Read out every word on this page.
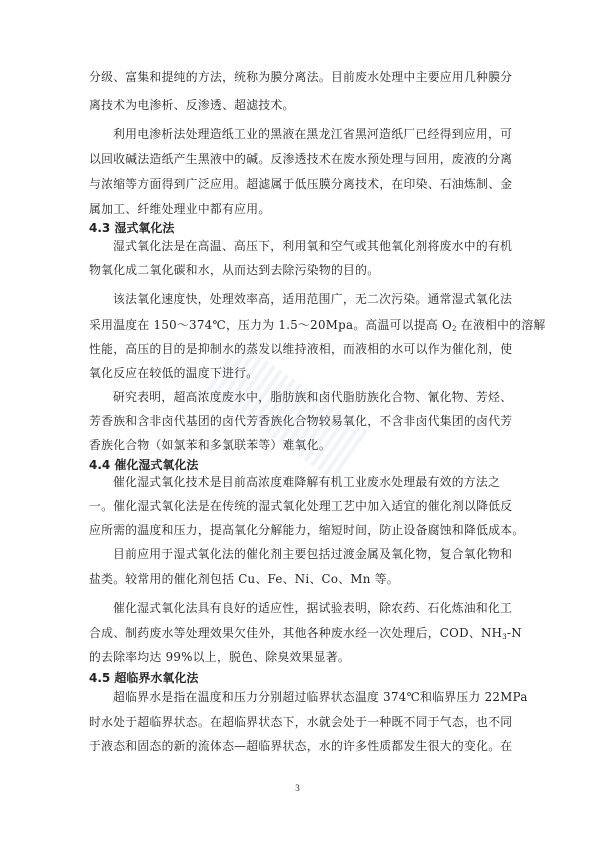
分级、富集和提纯的方法，统称为膜分离法。目前废水处理中主要应用几种膜分
离技术为电渗析、反渗透、超滤技术。
利用电渗析法处理造纸工业的黑液在黑龙江省黑河造纸厂已经得到应用，可
以回收碱法造纸产生黑液中的碱。反渗透技术在废水预处理与回用，废液的分离
与浓缩等方面得到广泛应用。超滤属于低压膜分离技术，在印染、石油炼制、金
属加工、纤维处理业中都有应用。
4.3 湿式氧化法
湿式氧化法是在高温、高压下，利用氧和空气或其他氧化剂将废水中的有机
物氧化成二氧化碳和水，从而达到去除污染物的目的。
该法氧化速度快，处理效率高，适用范围广，无二次污染。通常湿式氧化法
采用温度在 150～374℃，压力为 1.5～20Mpa。高温可以提高 $O_2$ 在液相中的溶解
性能，高压的目的是抑制水的蒸发以维持液相，而液相的水可以作为催化剂，使
氧化反应在较低的温度下进行。
研究表明，超高浓度废水中，脂肪族和卤代脂肪族化合物、氰化物、芳烃、
芳香族和含非卤代基团的卤代芳香族化合物较易氧化，不含非卤代集团的卤代芳
香族化合物（如氯苯和多氯联苯等）难氧化。
4.4 催化湿式氧化法
催化湿式氧化技术是目前高浓度难降解有机工业废水处理最有效的方法之
一。催化湿式氧化法是在传统的湿式氧化处理工艺中加入适宜的催化剂以降低反
应所需的温度和压力，提高氧化分解能力，缩短时间，防止设备腐蚀和降低成本。
目前应用于湿式氧化法的催化剂主要包括过渡金属及氧化物，复合氧化物和
盐类。较常用的催化剂包括 Cu、Fe、Ni、Co、Mn 等。
催化湿式氧化法具有良好的适应性，据试验表明，除农药、石化炼油和化工
合成、制药废水等处理效果欠佳外，其他各种废水经一次处理后，COD、$NH_3-N$
的去除率均达 99%以上，脱色、除臭效果显著。
4.5 超临界水氧化法
超临界水是指在温度和压力分别超过临界状态温度 374℃和临界压力 22MPa
时水处于超临界状态。在超临界状态下，水就会处于一种既不同于气态，也不同
于液态和固态的新的流体态—超临界状态，水的许多性质都发生很大的变化。在
3
